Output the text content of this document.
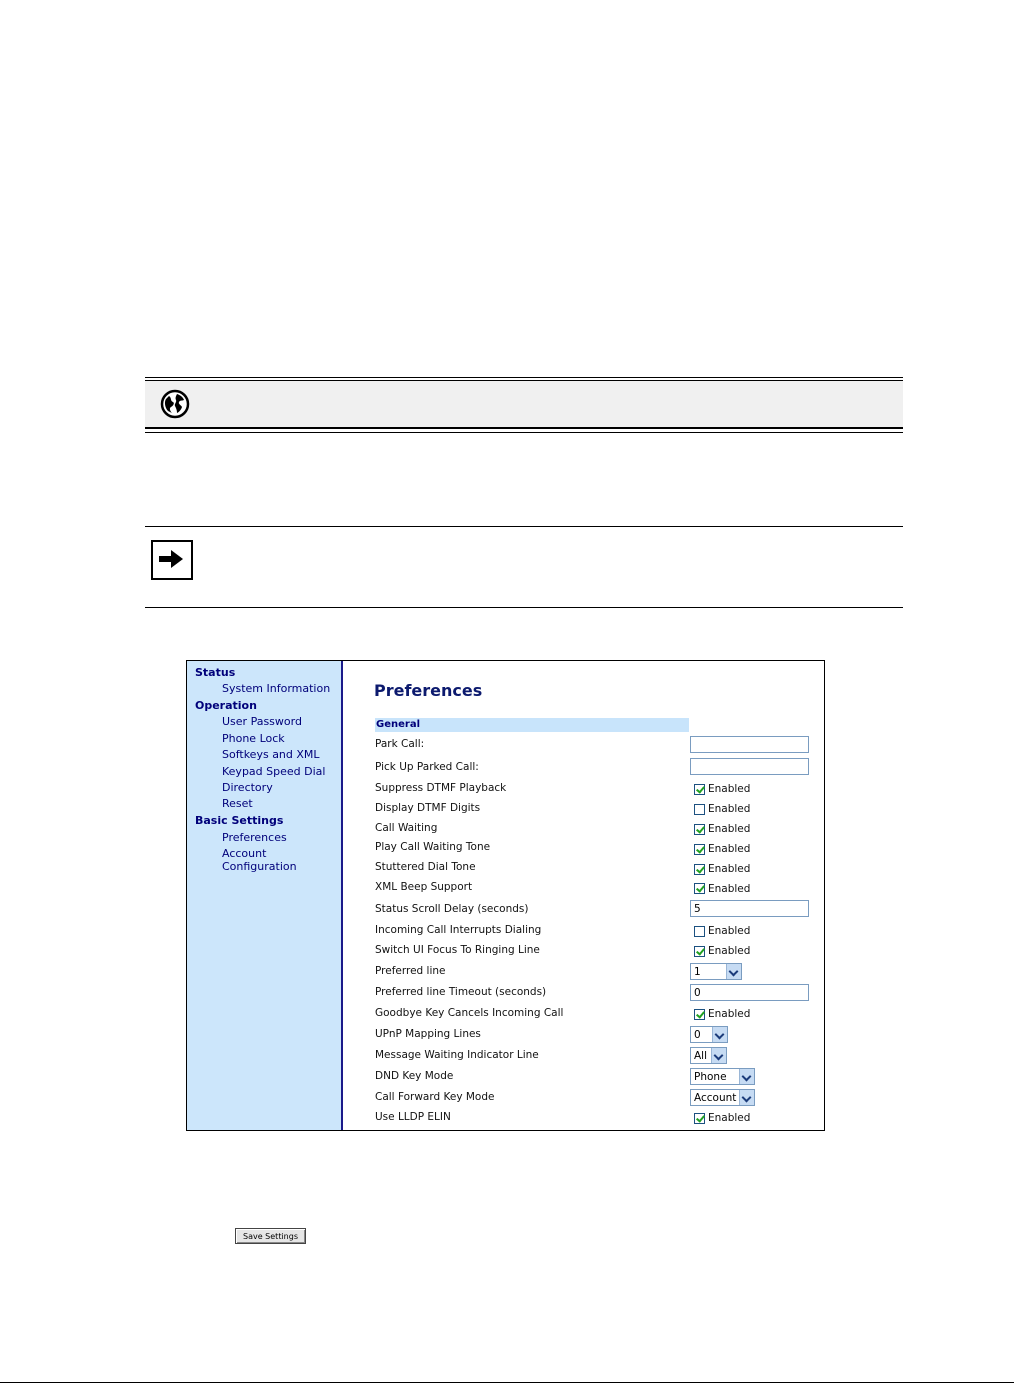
Status
System Information
Operation
User Password
Phone Lock
Softkeys and XML
Keypad Speed Dial
Directory
Reset
Basic Settings
Preferences
Account Configuration
Preferences
General
Park Call:
Pick Up Parked Call:
Suppress DTMF Playback	Enabled
Display DTMF Digits	Enabled
Call Waiting	Enabled
Play Call Waiting Tone	Enabled
Stuttered Dial Tone	Enabled
XML Beep Support	Enabled
Status Scroll Delay (seconds)	5
Incoming Call Interrupts Dialing	Enabled
Switch UI Focus To Ringing Line	Enabled
Preferred line	1
Preferred line Timeout (seconds)	0
Goodbye Key Cancels Incoming Call	Enabled
UPnP Mapping Lines	0
Message Waiting Indicator Line	All
DND Key Mode	Phone
Call Forward Key Mode	Account
Use LLDP ELIN	Enabled
Save Settings
